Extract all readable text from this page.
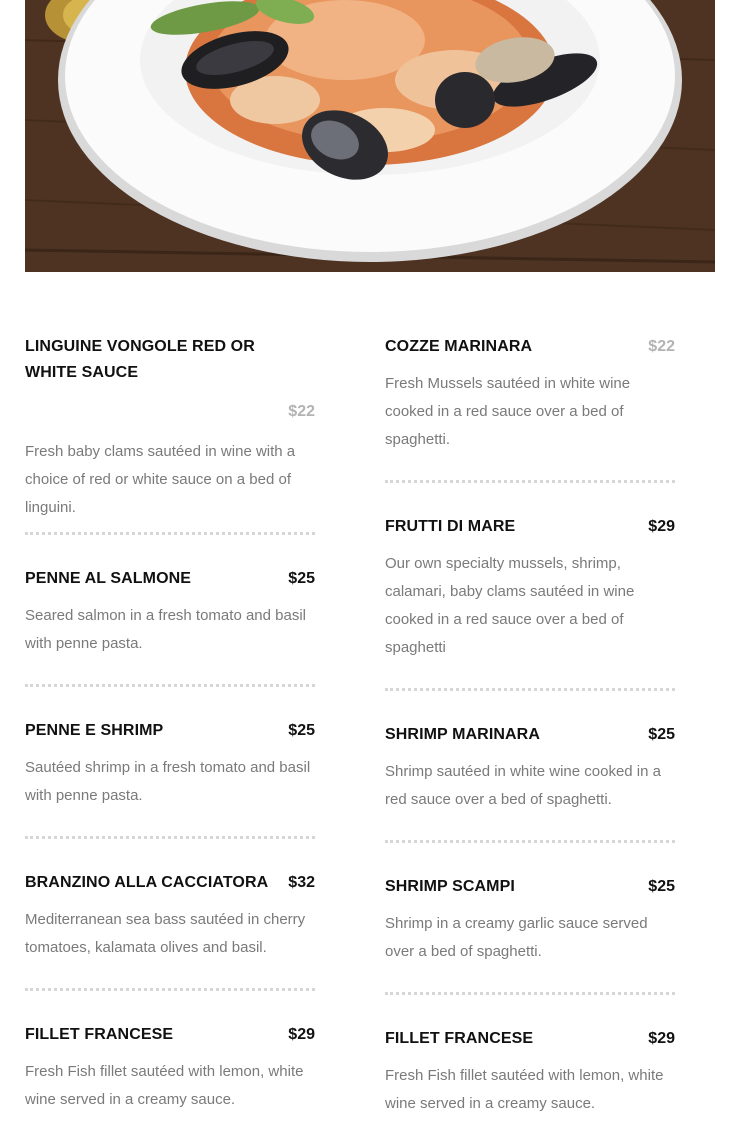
LINGUINE VONGOLE RED OR WHITE SAUCE
$22
Fresh baby clams sautéed in wine with a choice of red or white sauce on a bed of linguini.
PENNE AL SALMONE	$25
Seared salmon in a fresh tomato and basil with penne pasta.
PENNE E SHRIMP	$25
Sautéed shrimp in a fresh tomato and basil with penne pasta.
BRANZINO ALLA CACCIATORA	$32
Mediterranean sea bass sautéed in cherry tomatoes, kalamata olives and basil.
FILLET FRANCESE	$29
Fresh Fish fillet sautéed with lemon, white wine served in a creamy sauce.
COZZE MARINARA	$22
Fresh Mussels sautéed in white wine cooked in a red sauce over a bed of spaghetti.
FRUTTI DI MARE	$29
Our own specialty mussels, shrimp, calamari, baby clams sautéed in wine cooked in a red sauce over a bed of spaghetti
SHRIMP MARINARA	$25
Shrimp sautéed in white wine cooked in a red sauce over a bed of spaghetti.
SHRIMP SCAMPI	$25
Shrimp in a creamy garlic sauce served over a bed of spaghetti.
FILLET FRANCESE	$29
Fresh Fish fillet sautéed with lemon, white wine served in a creamy sauce.
